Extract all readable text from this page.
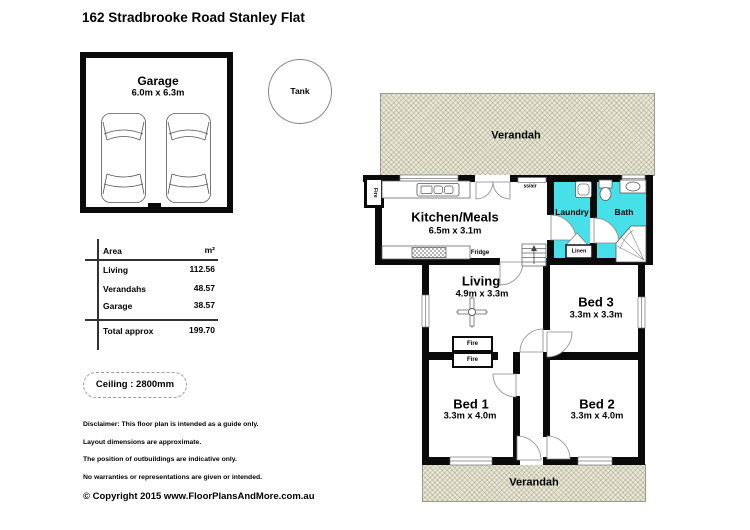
162 Stradbrooke Road Stanley Flat
Garage
6.0m x 6.3m	Tank
Area	m²
Living	112.56
Verandahs	48.57
Garage	38.57
Total approx	199.70
Ceiling : 2800mm
Disclaimer: This floor plan is intended as a guide only.
Layout dimensions are approximate.
The position of outbuildings are indicative only.
No warranties or representations are given or intended.
© Copyright 2015 www.FloorPlansAndMore.com.au
Fire
Fire
Fire
Verandah
Kitchen/Meals
6.5m x 3.1m
Laundry	Bath
ss/air
Fridge	Linen
Living
4.9m x 3.3m
Bed 3
3.3m x 3.3m
Bed 1
3.3m x 4.0m
Bed 2
3.3m x 4.0m
Verandah
